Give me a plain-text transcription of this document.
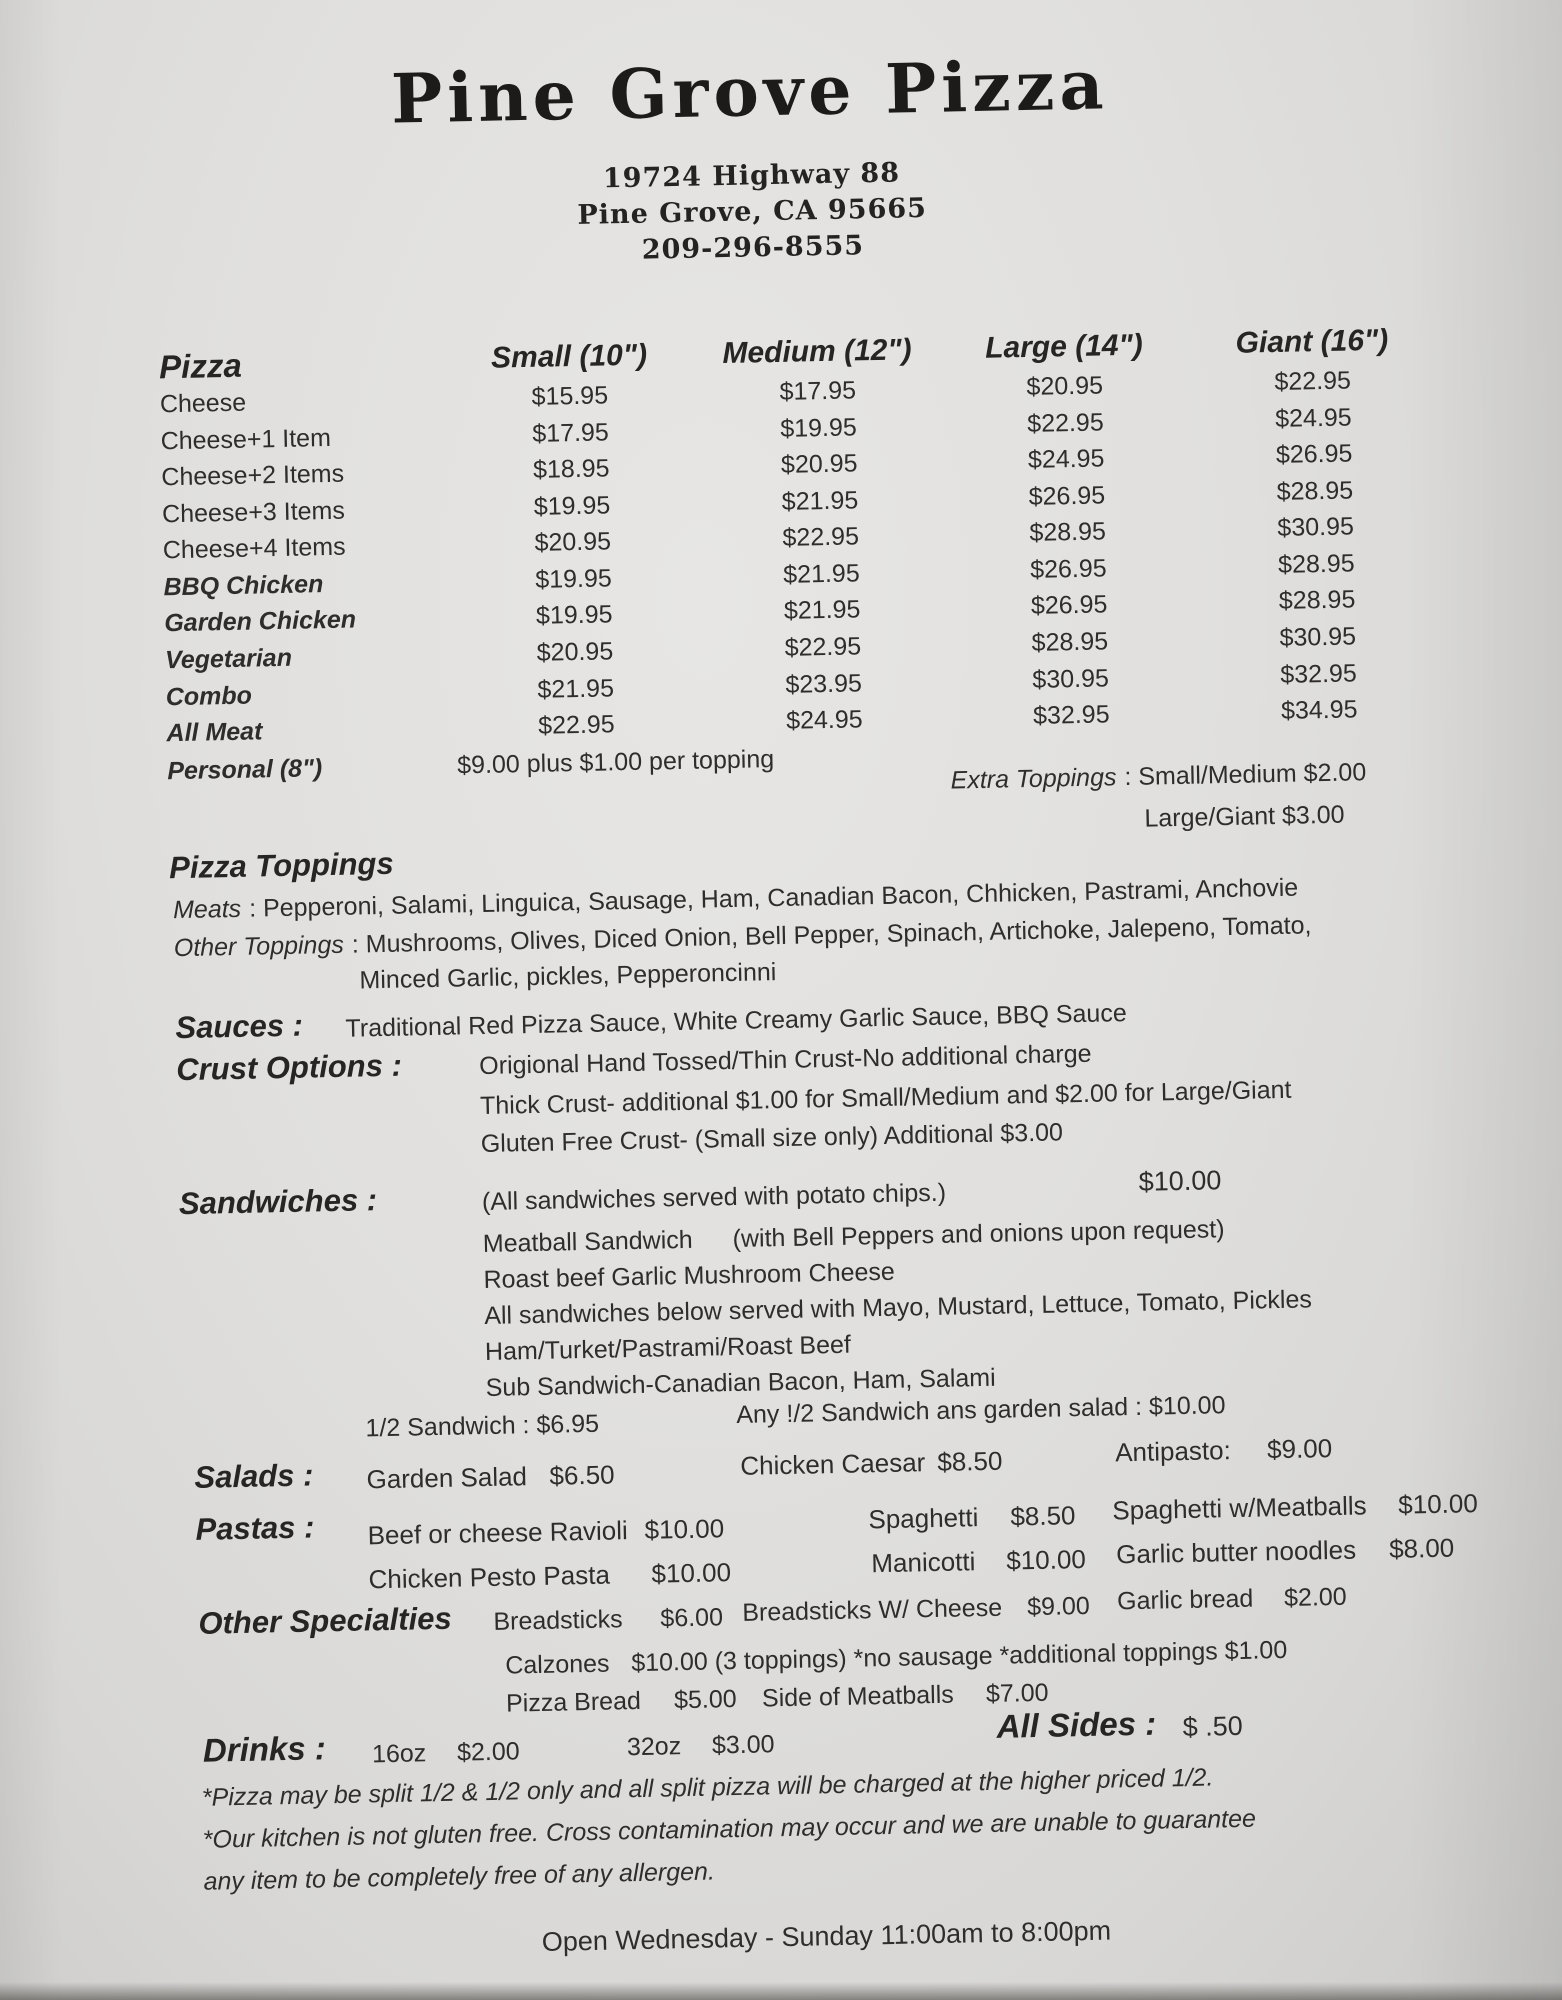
Pine Grove Pizza
19724 Highway 88
Pine Grove, CA 95665
209-296-8555
Pizza	Small (10") Medium (12") Large (14")	Giant (16")
Cheese	$15.95	$17.95	$20.95	$22.95
Cheese+1 Item	$17.95	$19.95	$22.95	$24.95
Cheese+2 Items	$18.95	$20.95	$24.95	$26.95
Cheese+3 Items	$19.95	$21.95	$26.95	$28.95
Cheese+4 Items	$20.95	$22.95	$28.95	$30.95
BBQ Chicken	$19.95	$21.95	$26.95	$28.95
Garden Chicken	$19.95	$21.95	$26.95	$28.95
Vegetarian	$20.95	$22.95	$28.95	$30.95
Combo	$21.95	$23.95	$30.95	$32.95
All Meat	$22.95	$24.95	$32.95	$34.95
Personal (8")	$9.00 plus $1.00 per topping	Extra Toppings : Small/Medium $2.00
Large/Giant $3.00
Pizza Toppings
Meats : Pepperoni, Salami, Linguica, Sausage, Ham, Canadian Bacon, Chhicken, Pastrami, Anchovie
Other Toppings : Mushrooms, Olives, Diced Onion, Bell Pepper, Spinach, Artichoke, Jalepeno, Tomato,
Minced Garlic, pickles, Pepperoncinni
Sauces : Traditional Red Pizza Sauce, White Creamy Garlic Sauce, BBQ Sauce
Crust Options :	Origional Hand Tossed/Thin Crust-No additional charge
Thick Crust- additional $1.00 for Small/Medium and $2.00 for Large/Giant
Gluten Free Crust- (Small size only) Additional $3.00
Sandwiches :	(All sandwiches served with potato chips.)	$10.00
Meatball Sandwich (with Bell Peppers and onions upon request)
Roast beef Garlic Mushroom Cheese
All sandwiches below served with Mayo, Mustard, Lettuce, Tomato, Pickles
Ham/Turket/Pastrami/Roast Beef
Sub Sandwich-Canadian Bacon, Ham, Salami
1/2 Sandwich : $6.95	Any !/2 Sandwich ans garden salad : $10.00
Salads : Garden Salad $6.50	Chicken Caesar $8.50	Antipasto: $9.00
Pastas : Beef or cheese Ravioli $10.00	Spaghetti $8.50 Spaghetti w/Meatballs $10.00
Chicken Pesto Pasta $10.00	Manicotti $10.00 Garlic butter noodles $8.00
Other Specialties Breadsticks $6.00 Breadsticks W/ Cheese $9.00 Garlic bread $2.00
Calzones $10.00 (3 toppings) *no sausage *additional toppings $1.00
Pizza Bread $5.00 Side of Meatballs $7.00
Drinks : 16oz $2.00	32oz $3.00
All Sides : $ .50
*Pizza may be split 1/2 & 1/2 only and all split pizza will be charged at the higher priced 1/2.
*Our kitchen is not gluten free. Cross contamination may occur and we are unable to guarantee
any item to be completely free of any allergen.
Open Wednesday - Sunday 11:00am to 8:00pm
